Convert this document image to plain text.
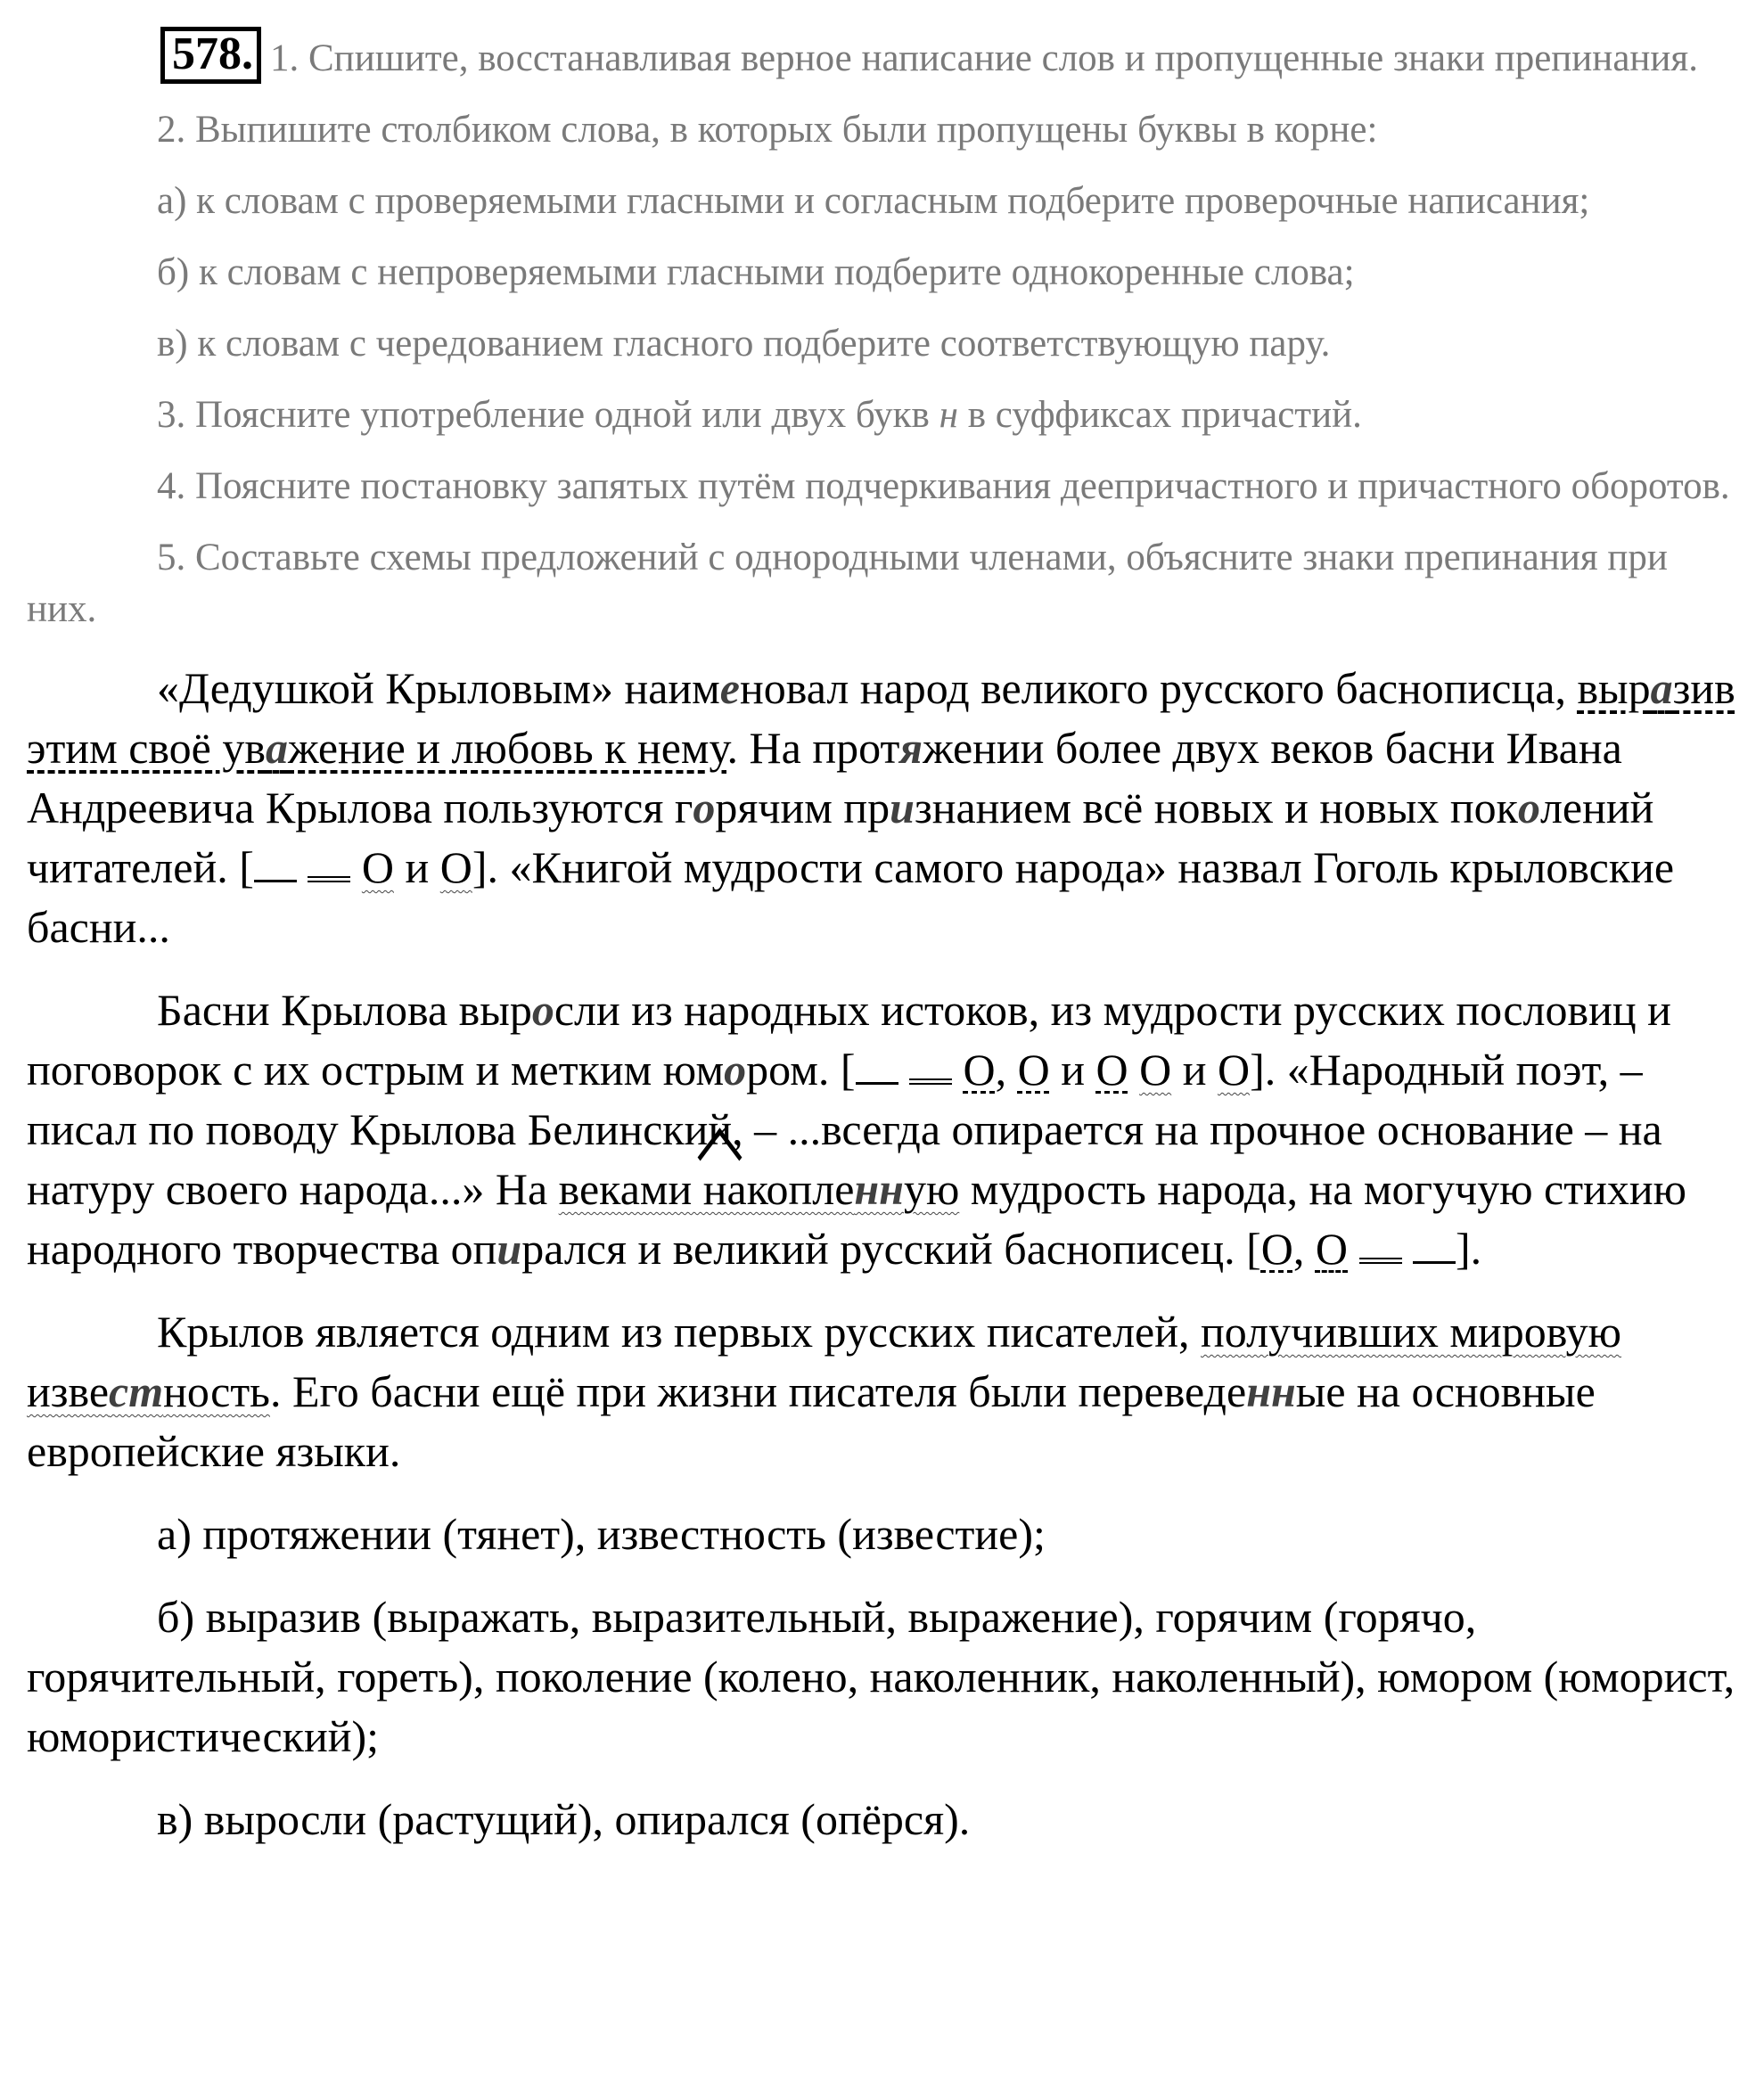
578. 1. Спишите, восстанавливая верное написание слов и пропущенные знаки препинания.

2. Выпишите столбиком слова, в которых были пропущены буквы в корне:

а) к словам с проверяемыми гласными и согласным подберите проверочные написания;

б) к словам с непроверяемыми гласными подберите однокоренные слова;

в) к словам с чередованием гласного подберите соответствующую пару.

3. Поясните употребление одной или двух букв н в суффиксах причастий.

4. Поясните постановку запятых путём подчеркивания деепричастного и причастного оборотов.

5. Составьте схемы предложений с однородными членами, объясните знаки препинания при них.

«Дедушкой Крыловым» наименовал народ великого русского баснописца, выразив этим своё уважение и любовь к нему. На протяжении более двух веков басни Ивана Андреевича Крылова пользуются горячим признанием всё новых и новых поколений читателей. [ О и О]. «Книгой мудрости самого народа» назвал Гоголь крыловские басни...

Басни Крылова выросли из народных истоков, из мудрости русских пословиц и поговорок с их острым и метким юмором. [ О, О и О О и О]. «Народный поэт, – писал по поводу Крылова Белинский, – ...всегда опирается на прочное основание – на натуру своего народа...» На веками накопленную мудрость народа, на могучую стихию народного творчества опирался и великий русский баснописец. [О, О ].

Крылов является одним из первых русских писателей, получивших мировую известность. Его басни ещё при жизни писателя были переведенные на основные европейские языки.

а) протяжении (тянет), известность (известие);

б) выразив (выражать, выразительный, выражение), горячим (горячо, горячительный, гореть), поколение (колено, наколенник, наколенный), юмором (юморист, юмористический);

в) выросли (растущий), опирался (опёрся).
